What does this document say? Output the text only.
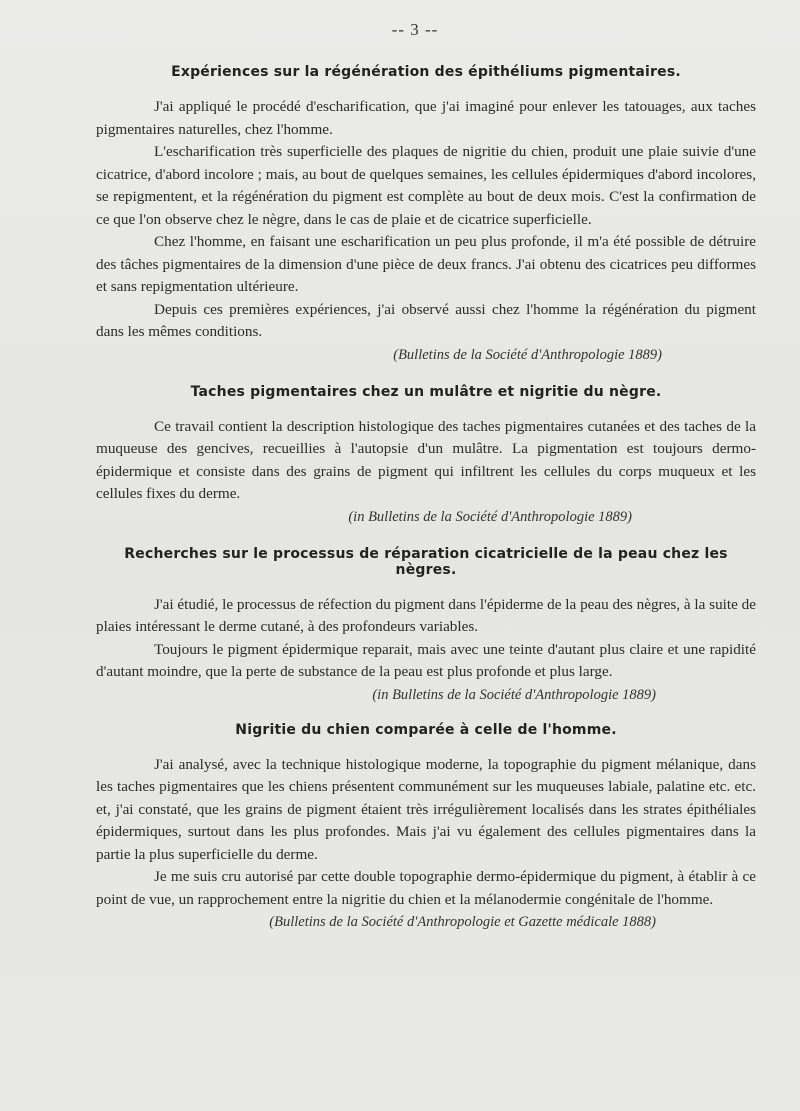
-- 3 --
Expériences sur la régénération des épithéliums pigmentaires.

J'ai appliqué le procédé d'escharification, que j'ai imaginé pour enlever les tatouages, aux taches pigmentaires naturelles, chez l'homme.

L'escharification très superficielle des plaques de nigritie du chien, produit une plaie suivie d'une cicatrice, d'abord incolore ; mais, au bout de quelques semaines, les cellules épidermiques d'abord incolores, se repigmentent, et la régénération du pigment est complète au bout de deux mois. C'est la confirmation de ce que l'on observe chez le nègre, dans le cas de plaie et de cicatrice superficielle.

Chez l'homme, en faisant une escharification un peu plus profonde, il m'a été possible de détruire des tâches pigmentaires de la dimension d'une pièce de deux francs. J'ai obtenu des cicatrices peu difformes et sans repigmentation ultérieure.

Depuis ces premières expériences, j'ai observé aussi chez l'homme la régénération du pigment dans les mêmes conditions.

(Bulletins de la Société d'Anthropologie 1889)
Taches pigmentaires chez un mulâtre et nigritie du nègre.

Ce travail contient la description histologique des taches pigmentaires cutanées et des taches de la muqueuse des gencives, recueillies à l'autopsie d'un mulâtre. La pigmentation est toujours dermo-épidermique et consiste dans des grains de pigment qui infiltrent les cellules du corps muqueux et les cellules fixes du derme.

(in Bulletins de la Société d'Anthropologie 1889)
Recherches sur le processus de réparation cicatricielle de la peau chez les nègres.

J'ai étudié, le processus de réfection du pigment dans l'épiderme de la peau des nègres, à la suite de plaies intéressant le derme cutané, à des profondeurs variables.

Toujours le pigment épidermique reparait, mais avec une teinte d'autant plus claire et une rapidité d'autant moindre, que la perte de substance de la peau est plus profonde et plus large.

(in Bulletins de la Société d'Anthropologie 1889)
Nigritie du chien comparée à celle de l'homme.

J'ai analysé, avec la technique histologique moderne, la topographie du pigment mélanique, dans les taches pigmentaires que les chiens présentent communément sur les muqueuses labiale, palatine etc. etc. et, j'ai constaté, que les grains de pigment étaient très irrégulièrement localisés dans les strates épithéliales épidermiques, surtout dans les plus profondes. Mais j'ai vu également des cellules pigmentaires dans la partie la plus superficielle du derme.

Je me suis cru autorisé par cette double topographie dermo-épidermique du pigment, à établir à ce point de vue, un rapprochement entre la nigritie du chien et la mélanodermie congénitale de l'homme.

(Bulletins de la Société d'Anthropologie et Gazette médicale 1888)
